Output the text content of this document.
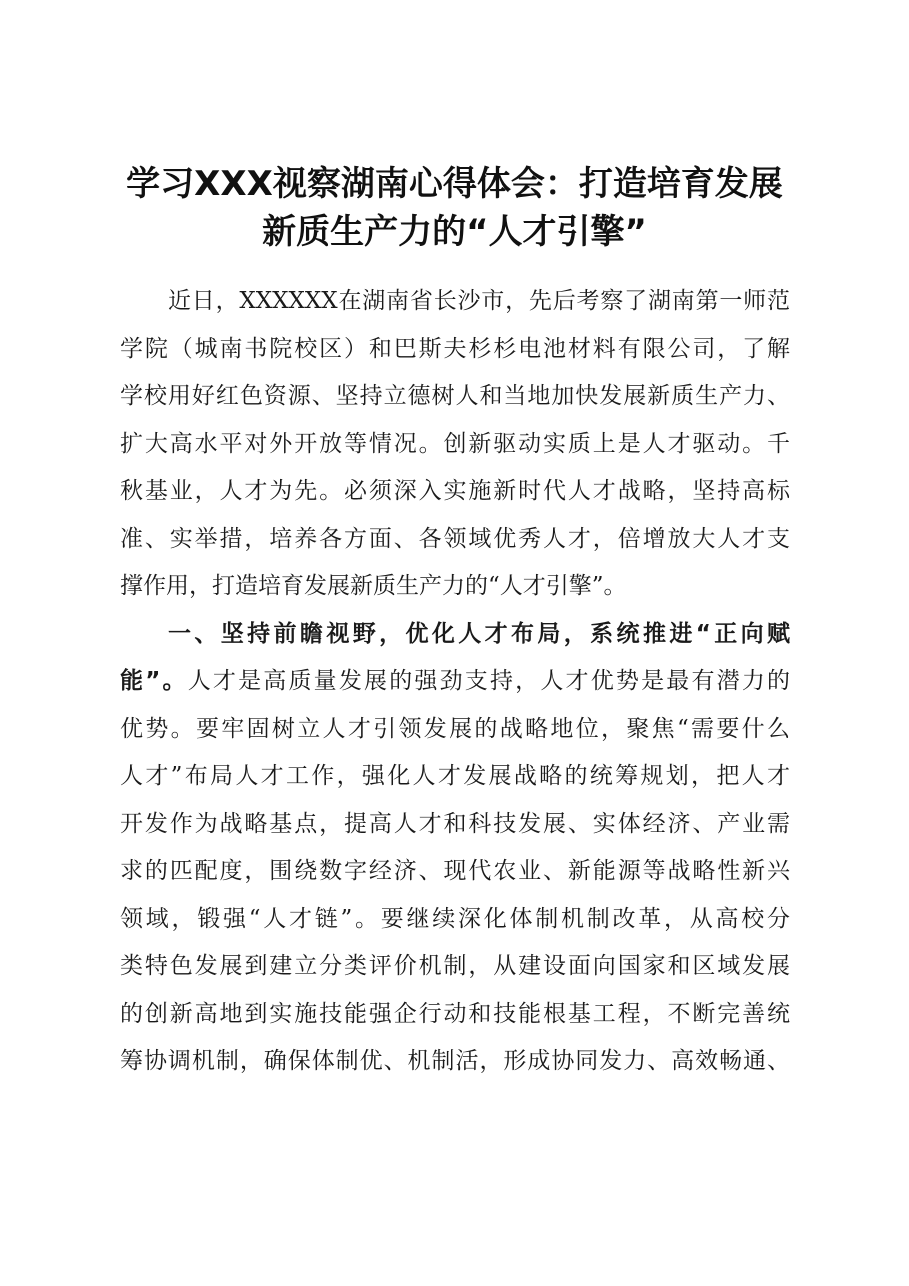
学习XXX视察湖南心得体会：打造培育发展
新质生产力的“人才引擎”
近日，XXXXXX在湖南省长沙市，先后考察了湖南第一师范
学院（城南书院校区）和巴斯夫杉杉电池材料有限公司，了解
学校用好红色资源、坚持立德树人和当地加快发展新质生产力、
扩大高水平对外开放等情况。创新驱动实质上是人才驱动。千
秋基业，人才为先。必须深入实施新时代人才战略，坚持高标
准、实举措，培养各方面、各领域优秀人才，倍增放大人才支
撑作用，打造培育发展新质生产力的“人才引擎”。
一、坚持前瞻视野，优化人才布局，系统推进“正向赋
能”。人才是高质量发展的强劲支持，人才优势是最有潜力的
优势。要牢固树立人才引领发展的战略地位，聚焦“需要什么
人才”布局人才工作，强化人才发展战略的统筹规划，把人才
开发作为战略基点，提高人才和科技发展、实体经济、产业需
求的匹配度，围绕数字经济、现代农业、新能源等战略性新兴
领域，锻强“人才链”。要继续深化体制机制改革，从高校分
类特色发展到建立分类评价机制，从建设面向国家和区域发展
的创新高地到实施技能强企行动和技能根基工程，不断完善统
筹协调机制，确保体制优、机制活，形成协同发力、高效畅通、
